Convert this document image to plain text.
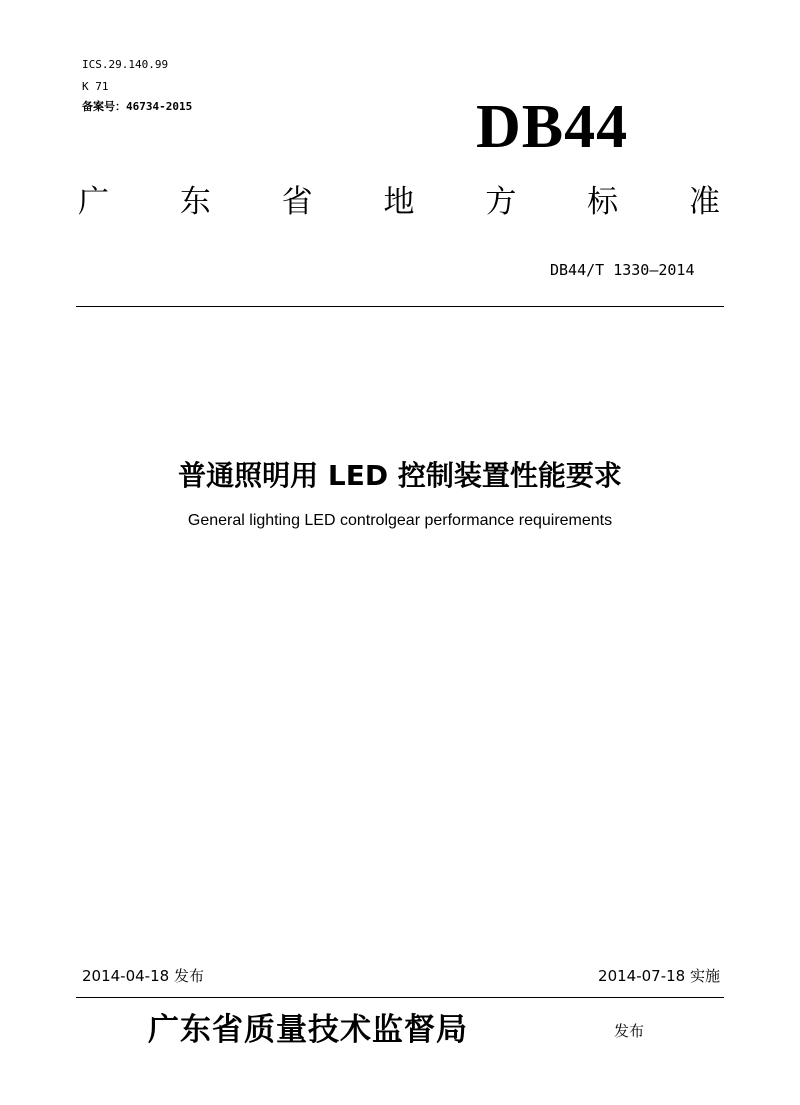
ICS.29.140.99
K 71
备案号：46734-2015	DB44
广 东 省 地 方 标 准
DB44/T 1330—2014
普通照明用 LED 控制装置性能要求
General lighting LED controlgear performance requirements
2014-04-18 发布	2014-07-18 实施
广东省质量技术监督局	发布
